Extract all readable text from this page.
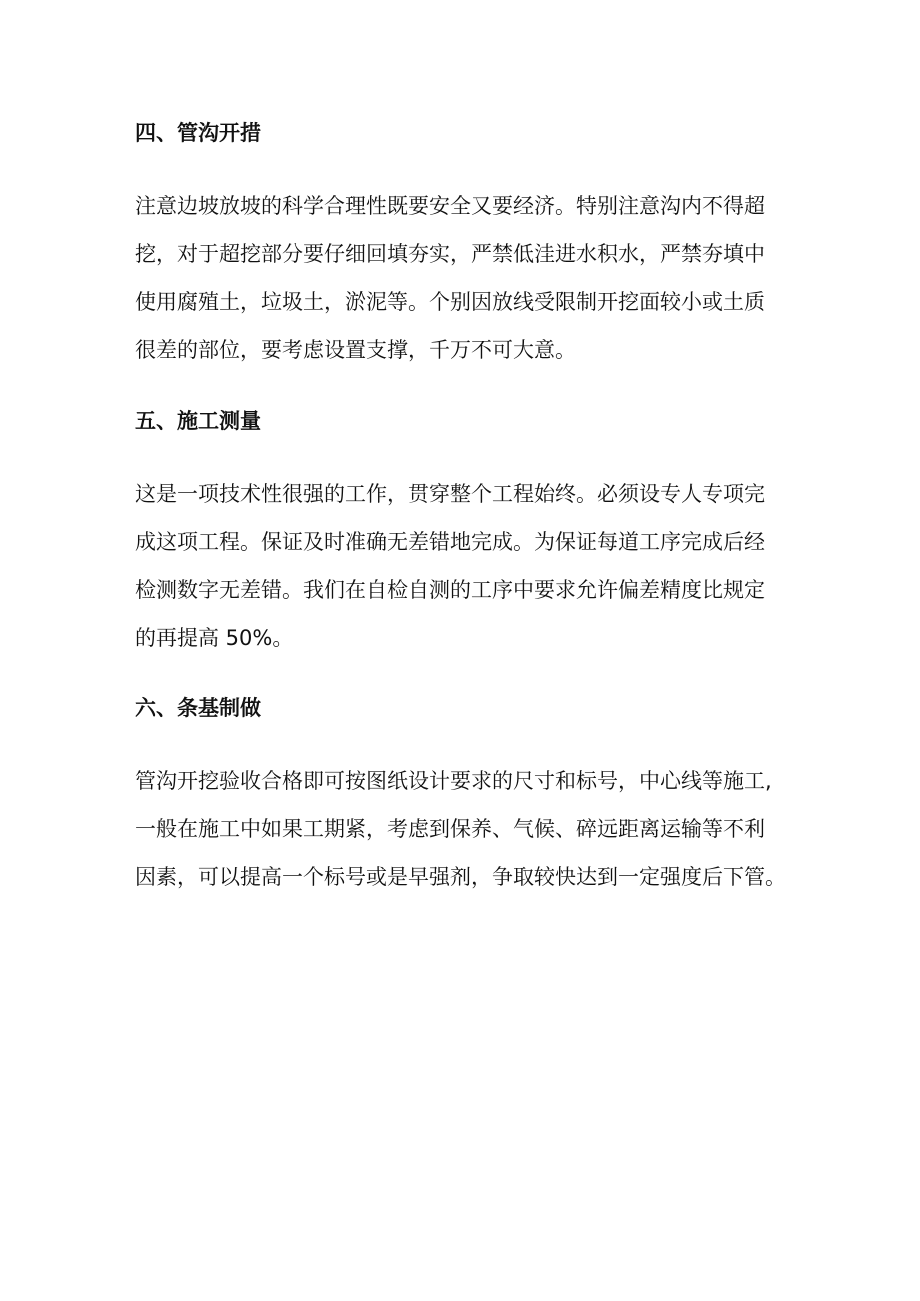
四、管沟开措
注意边坡放坡的科学合理性既要安全又要经济。特别注意沟内不得超
挖，对于超挖部分要仔细回填夯实，严禁低洼进水积水，严禁夯填中
使用腐殖土，垃圾土，淤泥等。个别因放线受限制开挖面较小或土质
很差的部位，要考虑设置支撑，千万不可大意。
五、施工测量
这是一项技术性很强的工作，贯穿整个工程始终。必须设专人专项完
成这项工程。保证及时准确无差错地完成。为保证每道工序完成后经
检测数字无差错。我们在自检自测的工序中要求允许偏差精度比规定
的再提高 50%。
六、条基制做
管沟开挖验收合格即可按图纸设计要求的尺寸和标号，中心线等施工,
一般在施工中如果工期紧，考虑到保养、气候、碎远距离运输等不利
因素，可以提高一个标号或是早强剂，争取较快达到一定强度后下管。
